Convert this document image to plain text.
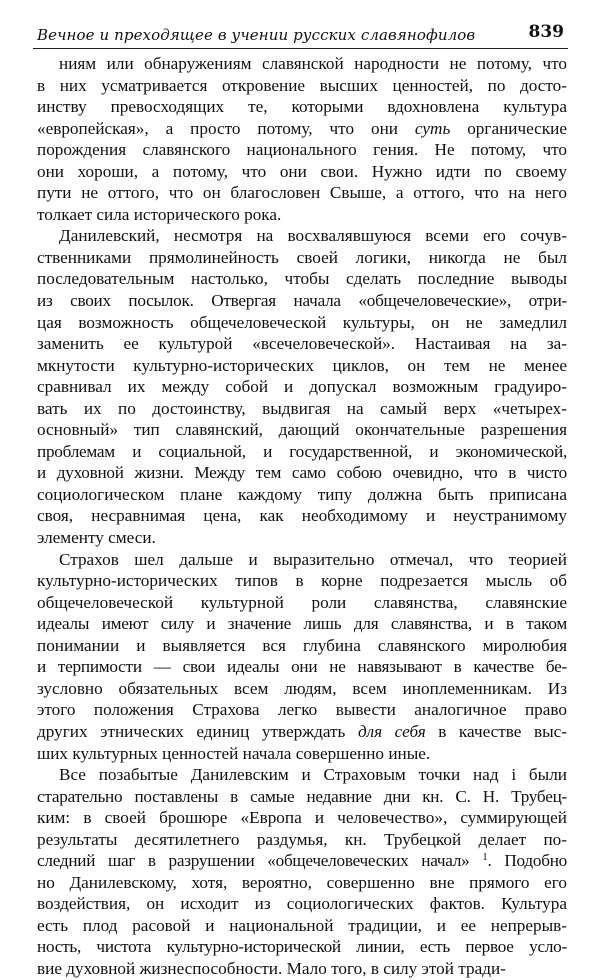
Вечное и преходящее в учении русских славянофилов	839
ниям или обнаружениям славянской народности не потому, что
в них усматривается откровение высших ценностей, по досто-
инству превосходящих те, которыми вдохновлена культура
«европейская», а просто потому, что они суть органические
порождения славянского национального гения. Не потому, что
они хороши, а потому, что они свои. Нужно идти по своему
пути не оттого, что он благословен Свыше, а оттого, что на него
толкает сила исторического рока.
Данилевский, несмотря на восхвалявшуюся всеми его сочув-
ственниками прямолинейность своей логики, никогда не был
последовательным настолько, чтобы сделать последние выводы
из своих посылок. Отвергая начала «общечеловеческие», отри-
цая возможность общечеловеческой культуры, он не замедлил
заменить ее культурой «всечеловеческой». Настаивая на за-
мкнутости культурно-исторических циклов, он тем не менее
сравнивал их между собой и допускал возможным градуиро-
вать их по достоинству, выдвигая на самый верх «четырех-
основный» тип славянский, дающий окончательные разрешения
проблемам и социальной, и государственной, и экономической,
и духовной жизни. Между тем само собою очевидно, что в чисто
социологическом плане каждому типу должна быть приписана
своя, несравнимая цена, как необходимому и неустранимому
элементу смеси.
Страхов шел дальше и выразительно отмечал, что теорией
культурно-исторических типов в корне подрезается мысль об
общечеловеческой культурной роли славянства, славянские
идеалы имеют силу и значение лишь для славянства, и в таком
понимании и выявляется вся глубина славянского миролюбия
и терпимости — свои идеалы они не навязывают в качестве бе-
зусловно обязательных всем людям, всем иноплеменникам. Из
этого положения Страхова легко вывести аналогичное право
других этнических единиц утверждать для себя в качестве выс-
ших культурных ценностей начала совершенно иные.
Все позабытые Данилевским и Страховым точки над i были
старательно поставлены в самые недавние дни кн. С. Н. Трубец-
ким: в своей брошюре «Европа и человечество», суммирующей
результаты десятилетнего раздумья, кн. Трубецкой делает по-
следний шаг в разрушении «общечеловеческих начал» $^1$. Подобно
но Данилевскому, хотя, вероятно, совершенно вне прямого его
воздействия, он исходит из социологических фактов. Культура
есть плод расовой и национальной традиции, и ее непрерыв-
ность, чистота культурно-исторической линии, есть первое усло-
вие духовной жизнеспособности. Мало того, в силу этой тради-
